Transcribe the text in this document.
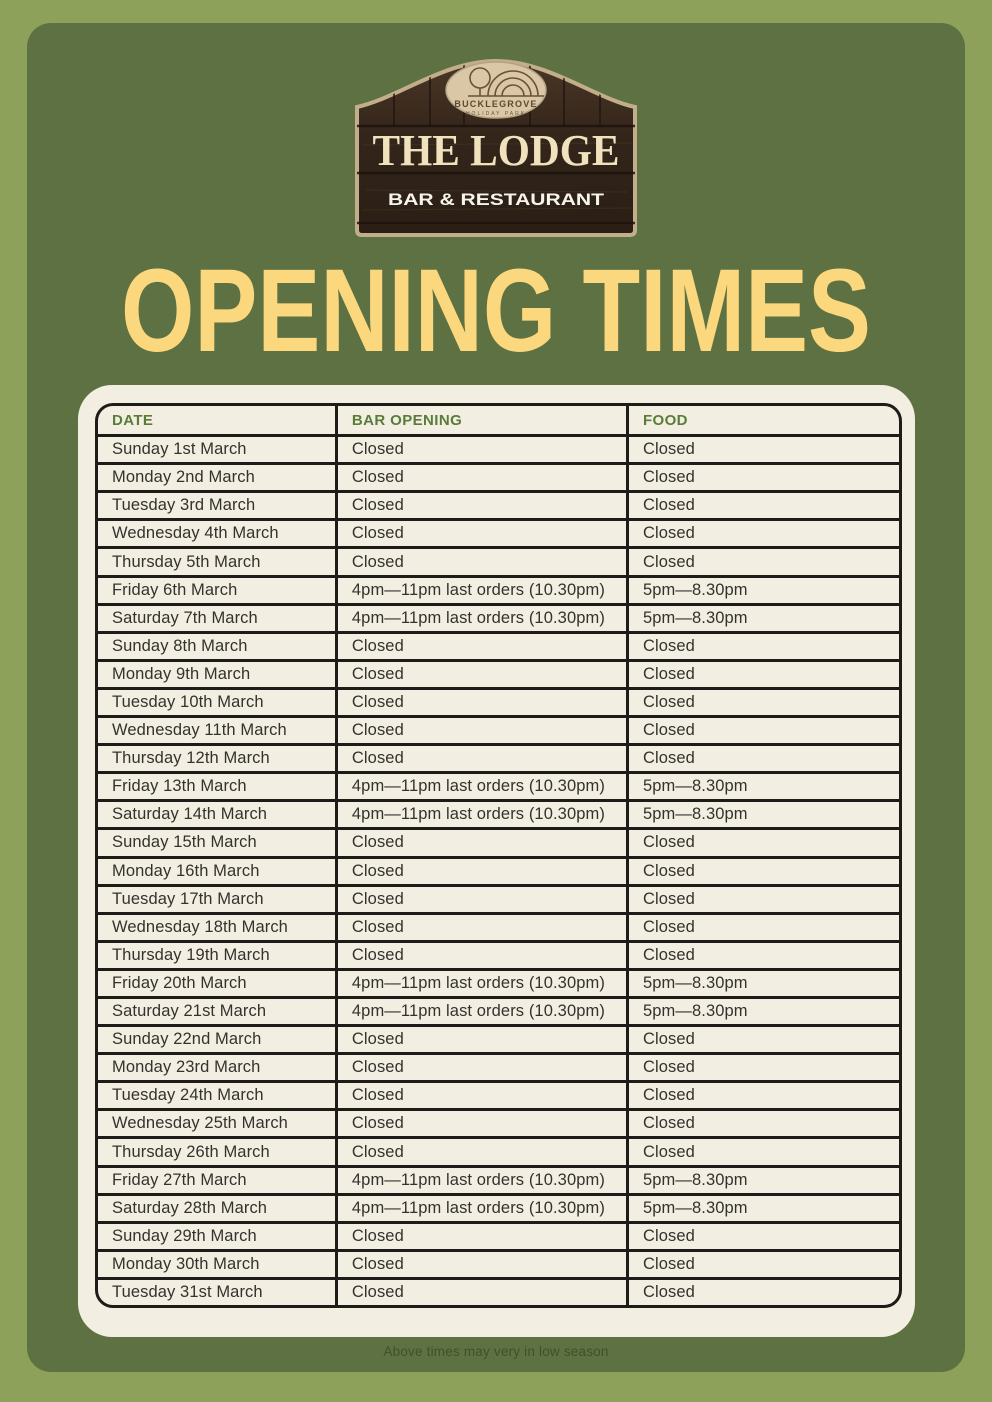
BUCKLEGROVE
HOLIDAY PARK
THE LODGE
BAR & RESTAURANT
OPENING TIMES
DATE	BAR OPENING	FOOD
Sunday 1st March	Closed	Closed
Monday 2nd March	Closed	Closed
Tuesday 3rd March	Closed	Closed
Wednesday 4th March	Closed	Closed
Thursday 5th March	Closed	Closed
Friday 6th March	4pm—11pm last orders (10.30pm)	5pm—8.30pm
Saturday 7th March	4pm—11pm last orders (10.30pm)	5pm—8.30pm
Sunday 8th March	Closed	Closed
Monday 9th March	Closed	Closed
Tuesday 10th March	Closed	Closed
Wednesday 11th March	Closed	Closed
Thursday 12th March	Closed	Closed
Friday 13th March	4pm—11pm last orders (10.30pm)	5pm—8.30pm
Saturday 14th March	4pm—11pm last orders (10.30pm)	5pm—8.30pm
Sunday 15th March	Closed	Closed
Monday 16th March	Closed	Closed
Tuesday 17th March	Closed	Closed
Wednesday 18th March	Closed	Closed
Thursday 19th March	Closed	Closed
Friday 20th March	4pm—11pm last orders (10.30pm)	5pm—8.30pm
Saturday 21st March	4pm—11pm last orders (10.30pm)	5pm—8.30pm
Sunday 22nd March	Closed	Closed
Monday 23rd March	Closed	Closed
Tuesday 24th March	Closed	Closed
Wednesday 25th March	Closed	Closed
Thursday 26th March	Closed	Closed
Friday 27th March	4pm—11pm last orders (10.30pm)	5pm—8.30pm
Saturday 28th March	4pm—11pm last orders (10.30pm)	5pm—8.30pm
Sunday 29th March	Closed	Closed
Monday 30th March	Closed	Closed
Tuesday 31st March	Closed	Closed
Above times may very in low season
